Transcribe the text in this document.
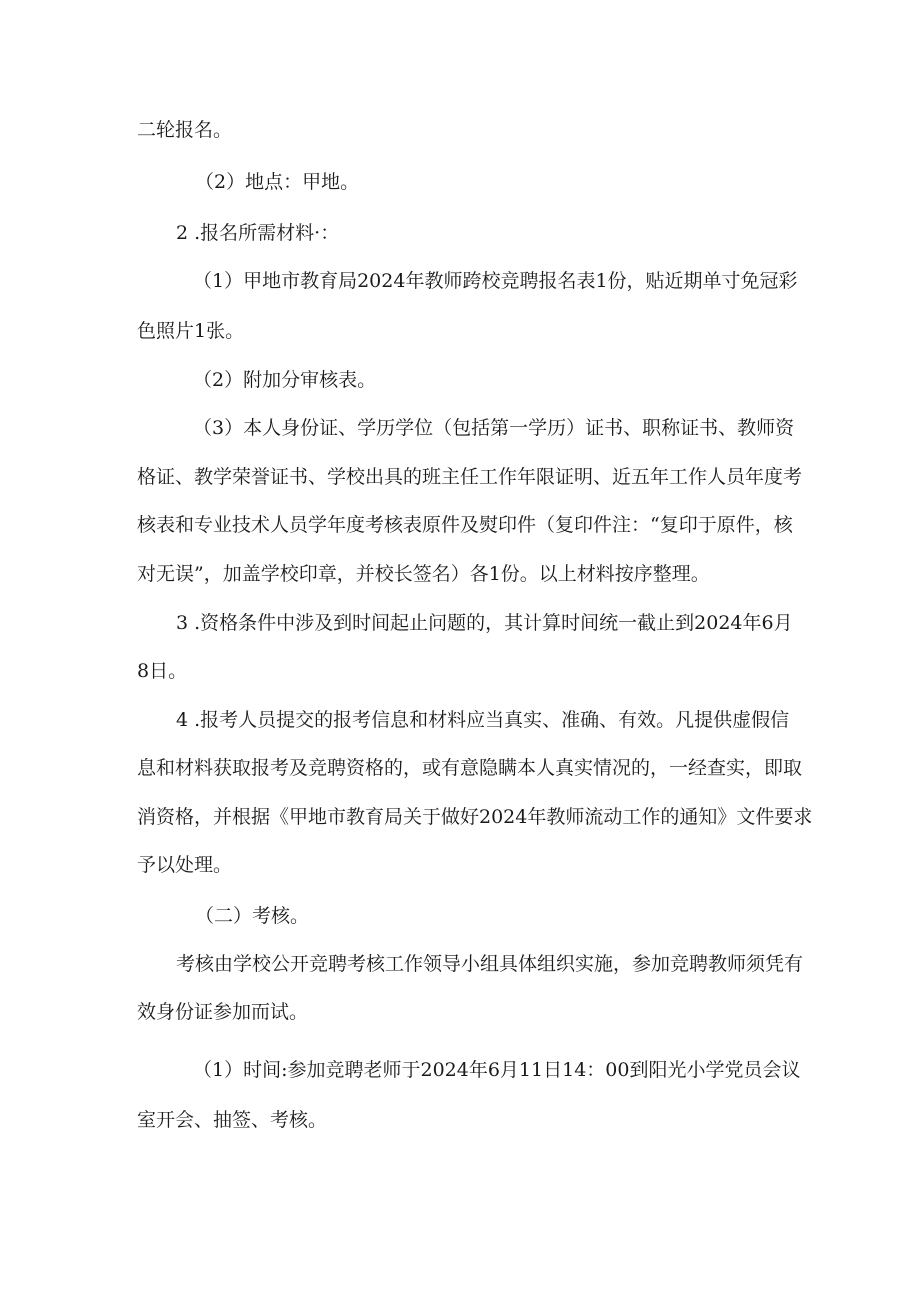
二轮报名。
（2）地点：甲地。
2 .报名所需材料·：
（1）甲地市教育局2024年教师跨校竞聘报名表1份，贴近期单寸免冠彩
色照片1张。
（2）附加分审核表。
（3）本人身份证、学历学位（包括第一学历）证书、职称证书、教师资
格证、教学荣誉证书、学校出具的班主任工作年限证明、近五年工作人员年度考
核表和专业技术人员学年度考核表原件及熨印件（复印件注：“复印于原件，核
对无误”，加盖学校印章，并校长签名）各1份。以上材料按序整理。
3 .资格条件中涉及到时间起止问题的，其计算时间统一截止到2024年6月
8日。
4 .报考人员提交的报考信息和材料应当真实、准确、有效。凡提供虚假信
息和材料获取报考及竞聘资格的，或有意隐瞒本人真实情况的，一经查实，即取
消资格，并根据《甲地市教育局关于做好2024年教师流动工作的通知》文件要求
予以处理。
（二）考核。
考核由学校公开竞聘考核工作领导小组具体组织实施，参加竞聘教师须凭有
效身份证参加而试。
（1）时间:参加竞聘老师于2024年6月11日14：00到阳光小学党员会议
室开会、抽签、考核。
